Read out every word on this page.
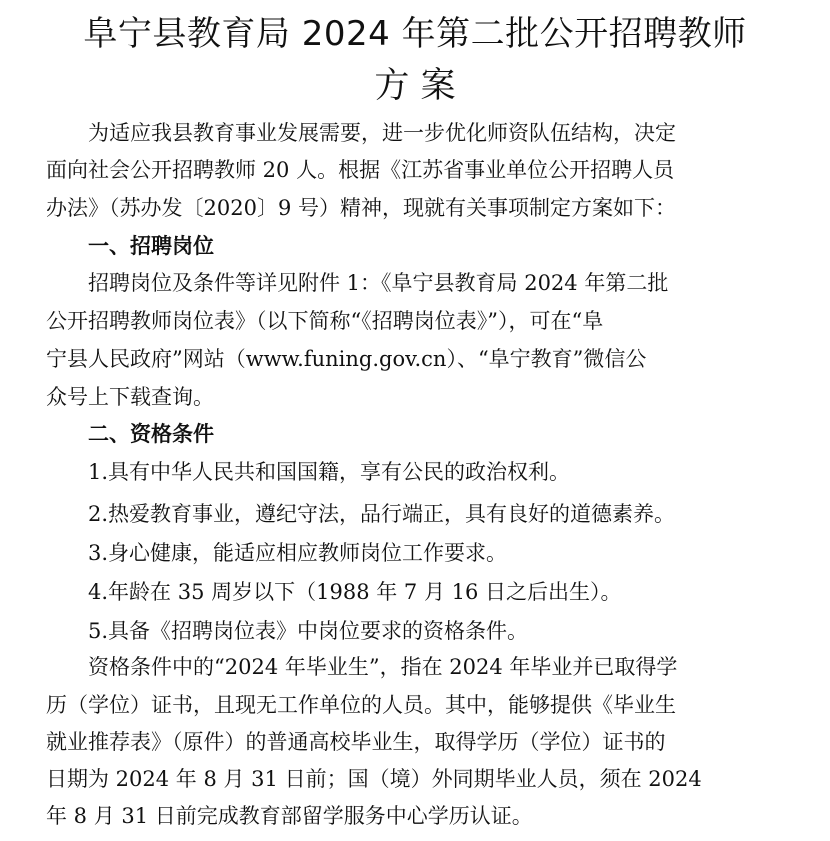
阜宁县教育局 2024 年第二批公开招聘教师
方 案
为适应我县教育事业发展需要，进一步优化师资队伍结构，决定
面向社会公开招聘教师 20 人。根据《江苏省事业单位公开招聘人员
办法》（苏办发〔2020〕9 号）精神，现就有关事项制定方案如下：
一、招聘岗位
招聘岗位及条件等详见附件 1：《阜宁县教育局 2024 年第二批
公开招聘教师岗位表》（以下简称“《招聘岗位表》”），可在“阜
宁县人民政府”网站（www.funing.gov.cn）、“阜宁教育”微信公
众号上下载查询。
二、资格条件
1.具有中华人民共和国国籍，享有公民的政治权利。
2.热爱教育事业，遵纪守法，品行端正，具有良好的道德素养。
3.身心健康，能适应相应教师岗位工作要求。
4.年龄在 35 周岁以下（1988 年 7 月 16 日之后出生）。
5.具备《招聘岗位表》中岗位要求的资格条件。
资格条件中的“2024 年毕业生”，指在 2024 年毕业并已取得学
历（学位）证书，且现无工作单位的人员。其中，能够提供《毕业生
就业推荐表》（原件）的普通高校毕业生，取得学历（学位）证书的
日期为 2024 年 8 月 31 日前；国（境）外同期毕业人员，须在 2024
年 8 月 31 日前完成教育部留学服务中心学历认证。
